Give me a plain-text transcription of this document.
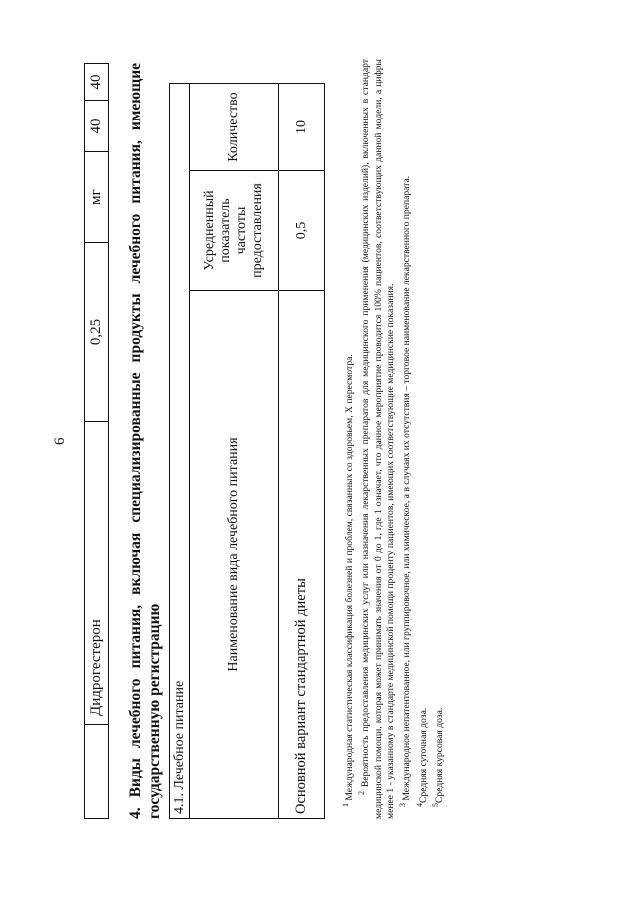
6
	Дидрогестерон	0,25	мг	40	40
4. Виды лечебного питания, включая специализированные продукты лечебного питания, имеющие государственную регистрацию 4.1. Лечебное питание		
Наименование вида лечебного питания	Усредненный показатель частоты предоставления	Количество
Основной вариант стандартной диеты	0,5	10

$^1$ Международная статистическая классификация болезней и проблем, связанных со здоровьем, X пересмотра. $^2$ Вероятность предоставления медицинских услуг или назначения лекарственных препаратов для медицинского применения (медицинских изделий), включенных в стандарт медицинской помощи, которая может принимать значения от 0 до 1, где 1 означает, что данное мероприятие проводится 100% пациентов, соответствующих данной модели, а цифры менее 1 - указанному в стандарте медицинской помощи проценту пациентов, имеющих соответствующие медицинские показания. $^3$ Международное непатентованное, или группировочное, или химическое, а в случаях их отсутствия – торговое наименование лекарственного препарата.

$^4$Средняя суточная доза.

$^5$Средняя курсовая доза.
